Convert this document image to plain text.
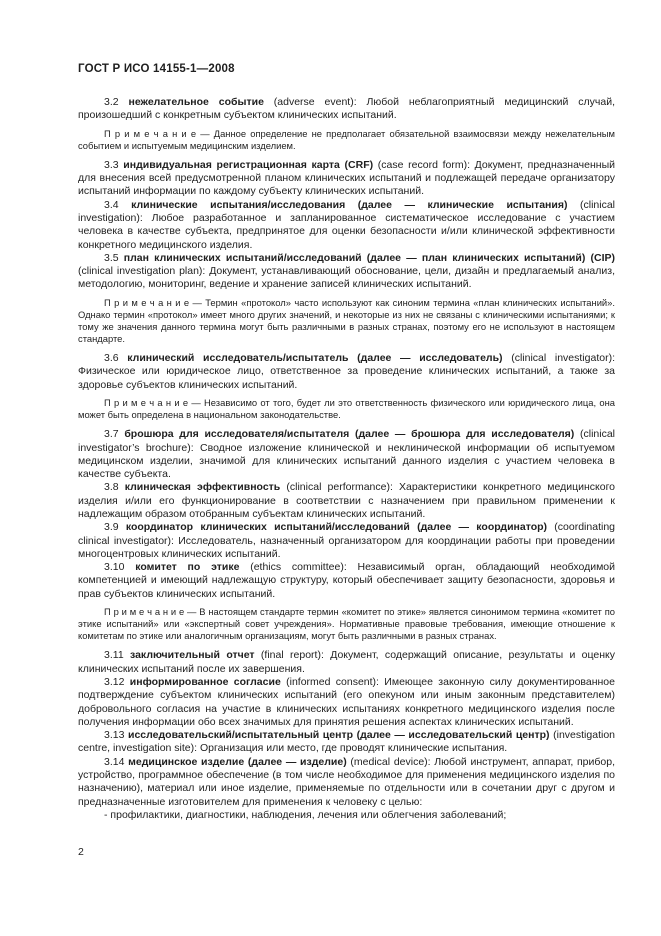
ГОСТ Р ИСО 14155-1—2008

3.2 нежелательное событие (adverse event): Любой неблагоприятный медицинский случай, произошедший с конкретным субъектом клинических испытаний.

П р и м е ч а н и е — Данное определение не предполагает обязательной взаимосвязи между нежелательным событием и испытуемым медицинским изделием.

3.3 индивидуальная регистрационная карта (CRF) (case record form): Документ, предназначенный для внесения всей предусмотренной планом клинических испытаний и подлежащей передаче организатору испытаний информации по каждому субъекту клинических испытаний.

3.4 клинические испытания/исследования (далее — клинические испытания) (clinical investigation): Любое разработанное и запланированное систематическое исследование с участием человека в качестве субъекта, предпринятое для оценки безопасности и/или клинической эффективности конкретного медицинского изделия.

3.5 план клинических испытаний/исследований (далее — план клинических испытаний) (CIP) (clinical investigation plan): Документ, устанавливающий обоснование, цели, дизайн и предлагаемый анализ, методологию, мониторинг, ведение и хранение записей клинических испытаний.

П р и м е ч а н и е — Термин «протокол» часто используют как синоним термина «план клинических испытаний». Однако термин «протокол» имеет много других значений, и некоторые из них не связаны с клиническими испытаниями; к тому же значения данного термина могут быть различными в разных странах, поэтому его не используют в настоящем стандарте.

3.6 клинический исследователь/испытатель (далее — исследователь) (clinical investigator): Физическое или юридическое лицо, ответственное за проведение клинических испытаний, а также за здоровье субъектов клинических испытаний.

П р и м е ч а н и е — Независимо от того, будет ли это ответственность физического или юридического лица, она может быть определена в национальном законодательстве.

3.7 брошюра для исследователя/испытателя (далее — брошюра для исследователя) (clinical investigator’s brochure): Сводное изложение клинической и неклинической информации об испытуемом медицинском изделии, значимой для клинических испытаний данного изделия с участием человека в качестве субъекта.

3.8 клиническая эффективность (clinical performance): Характеристики конкретного медицинского изделия и/или его функционирование в соответствии с назначением при правильном применении к надлежащим образом отобранным субъектам клинических испытаний.

3.9 координатор клинических испытаний/исследований (далее — координатор) (coordinating clinical investigator): Исследователь, назначенный организатором для координации работы при проведении многоцентровых клинических испытаний.

3.10 комитет по этике (ethics committee): Независимый орган, обладающий необходимой компетенцией и имеющий надлежащую структуру, который обеспечивает защиту безопасности, здоровья и прав субъектов клинических испытаний.

П р и м е ч а н и е — В настоящем стандарте термин «комитет по этике» является синонимом термина «комитет по этике испытаний» или «экспертный совет учреждения». Нормативные правовые требования, имеющие отношение к комитетам по этике или аналогичным организациям, могут быть различными в разных странах.

3.11 заключительный отчет (final report): Документ, содержащий описание, результаты и оценку клинических испытаний после их завершения.

3.12 информированное согласие (informed consent): Имеющее законную силу документированное подтверждение субъектом клинических испытаний (его опекуном или иным законным представителем) добровольного согласия на участие в клинических испытаниях конкретного медицинского изделия после получения информации обо всех значимых для принятия решения аспектах клинических испытаний.

3.13 исследовательский/испытательный центр (далее — исследовательский центр) (investigation centre, investigation site): Организация или место, где проводят клинические испытания.

3.14 медицинское изделие (далее — изделие) (medical device): Любой инструмент, аппарат, прибор, устройство, программное обеспечение (в том числе необходимое для применения медицинского изделия по назначению), материал или иное изделие, применяемые по отдельности или в сочетании друг с другом и предназначенные изготовителем для применения к человеку с целью:

- профилактики, диагностики, наблюдения, лечения или облегчения заболеваний;

2
